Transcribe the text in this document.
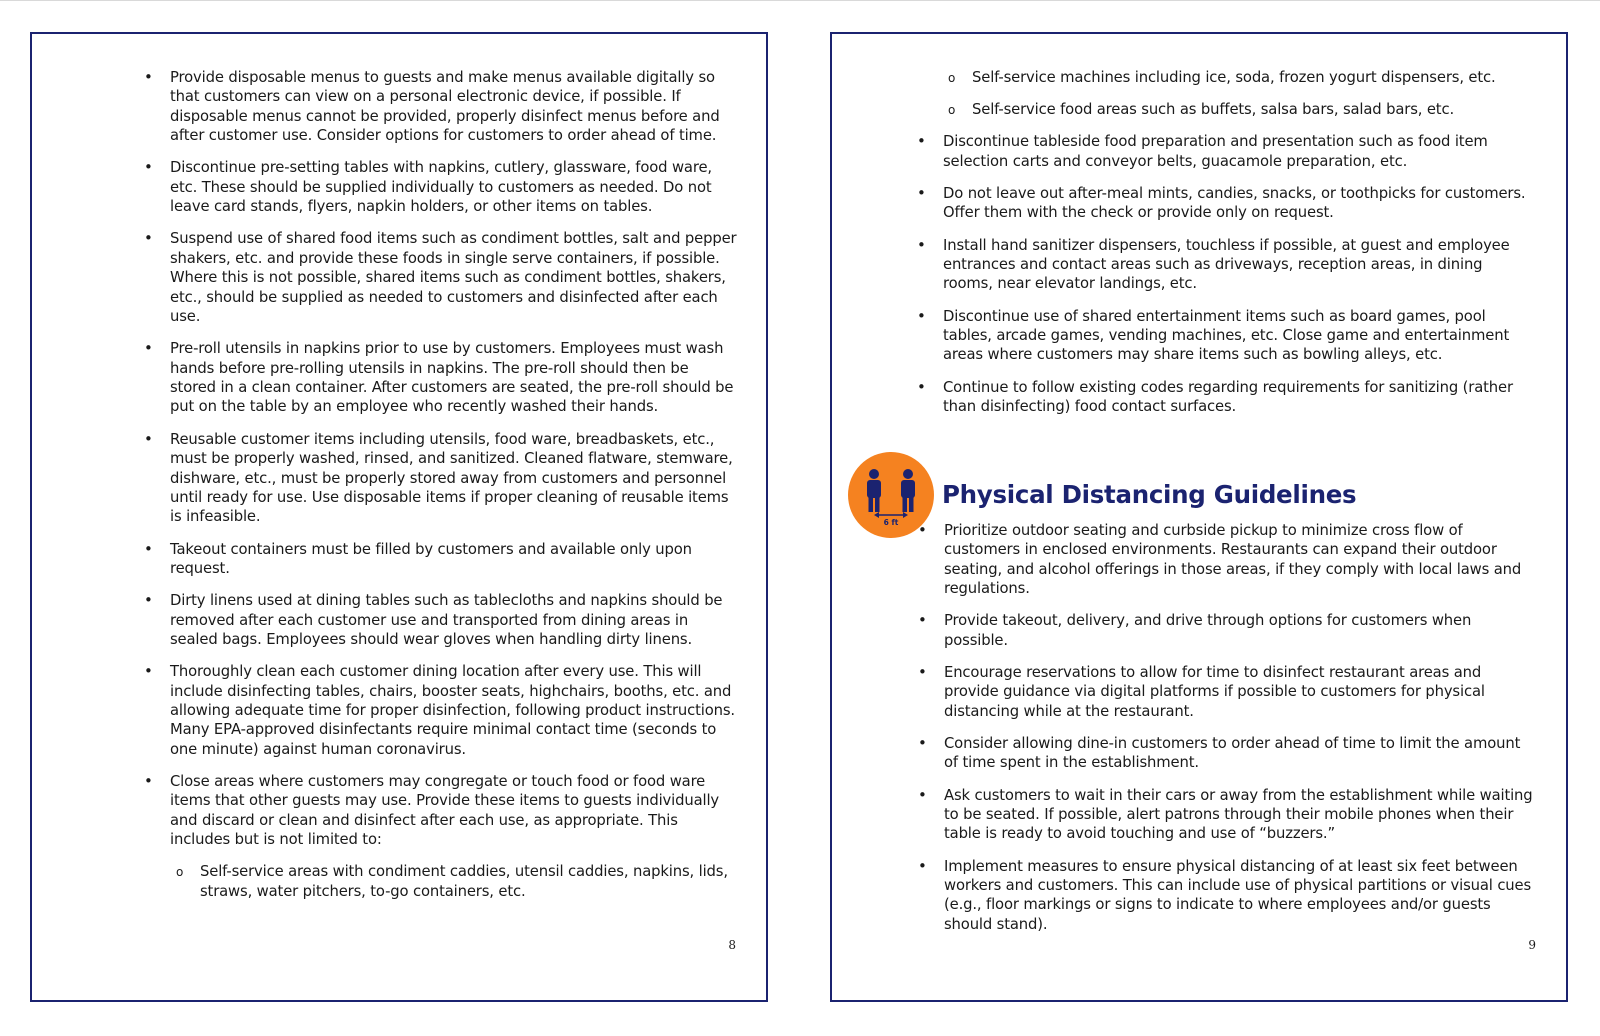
• Provide disposable menus to guests and make menus available digitally so that customers can view on a personal electronic device, if possible. If disposable menus cannot be provided, properly disinfect menus before and after customer use. Consider options for customers to order ahead of time.
• Discontinue pre-setting tables with napkins, cutlery, glassware, food ware, etc. These should be supplied individually to customers as needed. Do not leave card stands, flyers, napkin holders, or other items on tables.
• Suspend use of shared food items such as condiment bottles, salt and pepper shakers, etc. and provide these foods in single serve containers, if possible. Where this is not possible, shared items such as condiment bottles, shakers, etc., should be supplied as needed to customers and disinfected after each use.
• Pre-roll utensils in napkins prior to use by customers. Employees must wash hands before pre-rolling utensils in napkins. The pre-roll should then be stored in a clean container. After customers are seated, the pre-roll should be put on the table by an employee who recently washed their hands.
• Reusable customer items including utensils, food ware, breadbaskets, etc., must be properly washed, rinsed, and sanitized. Cleaned flatware, stemware, dishware, etc., must be properly stored away from customers and personnel until ready for use. Use disposable items if proper cleaning of reusable items is infeasible.
• Takeout containers must be filled by customers and available only upon request.
• Dirty linens used at dining tables such as tablecloths and napkins should be removed after each customer use and transported from dining areas in sealed bags. Employees should wear gloves when handling dirty linens.
• Thoroughly clean each customer dining location after every use. This will include disinfecting tables, chairs, booster seats, highchairs, booths, etc. and allowing adequate time for proper disinfection, following product instructions. Many EPA-approved disinfectants require minimal contact time (seconds to one minute) against human coronavirus.
• Close areas where customers may congregate or touch food or food ware items that other guests may use. Provide these items to guests individually and discard or clean and disinfect after each use, as appropriate. This includes but is not limited to:
o Self-service areas with condiment caddies, utensil caddies, napkins, lids, straws, water pitchers, to-go containers, etc.
8
o Self-service machines including ice, soda, frozen yogurt dispensers, etc.
o Self-service food areas such as buffets, salsa bars, salad bars, etc.
• Discontinue tableside food preparation and presentation such as food item selection carts and conveyor belts, guacamole preparation, etc.
• Do not leave out after-meal mints, candies, snacks, or toothpicks for customers. Offer them with the check or provide only on request.
• Install hand sanitizer dispensers, touchless if possible, at guest and employee entrances and contact areas such as driveways, reception areas, in dining rooms, near elevator landings, etc.
• Discontinue use of shared entertainment items such as board games, pool tables, arcade games, vending machines, etc. Close game and entertainment areas where customers may share items such as bowling alleys, etc.
• Continue to follow existing codes regarding requirements for sanitizing (rather than disinfecting) food contact surfaces.
6 ft
Physical Distancing Guidelines
• Prioritize outdoor seating and curbside pickup to minimize cross flow of customers in enclosed environments. Restaurants can expand their outdoor seating, and alcohol offerings in those areas, if they comply with local laws and regulations.
• Provide takeout, delivery, and drive through options for customers when possible.
• Encourage reservations to allow for time to disinfect restaurant areas and provide guidance via digital platforms if possible to customers for physical distancing while at the restaurant.
• Consider allowing dine-in customers to order ahead of time to limit the amount of time spent in the establishment.
• Ask customers to wait in their cars or away from the establishment while waiting to be seated. If possible, alert patrons through their mobile phones when their table is ready to avoid touching and use of “buzzers.”
• Implement measures to ensure physical distancing of at least six feet between workers and customers. This can include use of physical partitions or visual cues (e.g., floor markings or signs to indicate to where employees and/or guests should stand).
9
